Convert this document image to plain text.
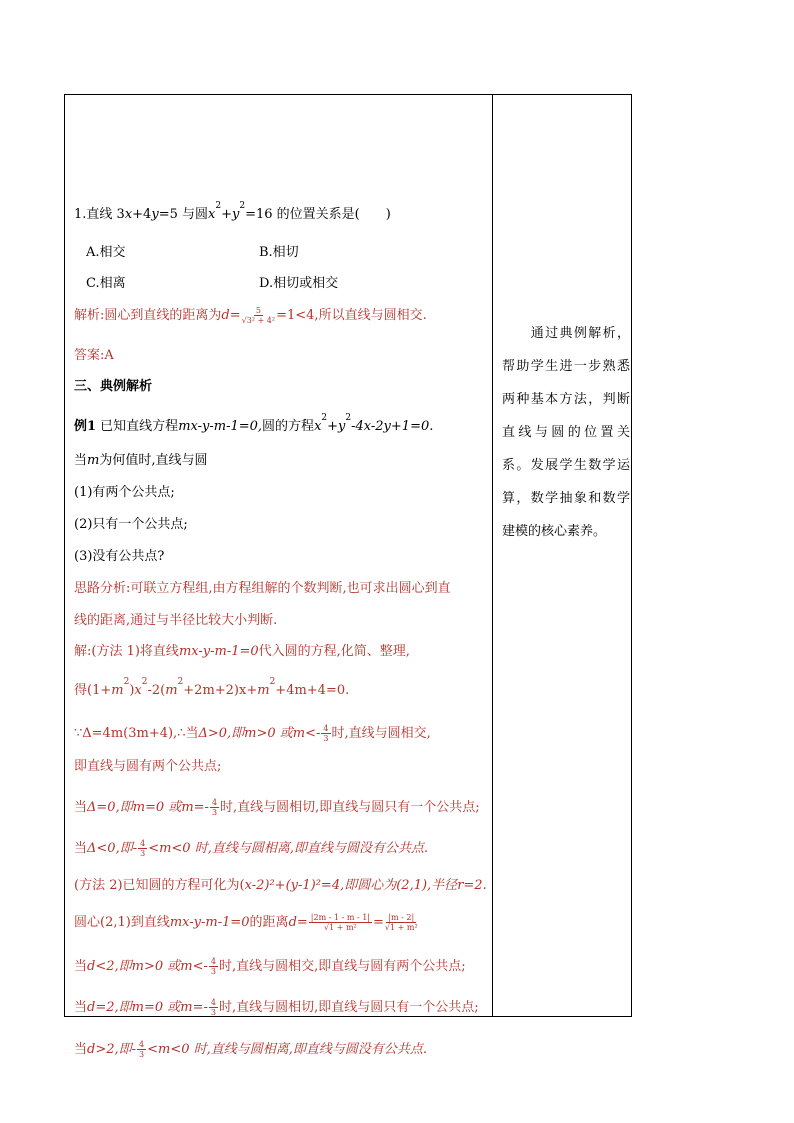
1.直线 3x+4y=5 与圆$x^2+y^2=16$ 的位置关系是(　　)
A.相交	B.相切
C.相离	D.相切或相交
解析:圆心到直线的距离为$d= \frac{5}{\text{√3² + 4²}} =1<4$,所以直线与圆相交.
答案:A
三、典例解析
例1 已知直线方程mx-y-m-1=0,圆的方程$x^2+y^2-4x-2y+1=0$.
当m为何值时,直线与圆
(1)有两个公共点;
(2)只有一个公共点;
(3)没有公共点?
思路分析:可联立方程组,由方程组解的个数判断,也可求出圆心到直
线的距离,通过与半径比较大小判断.
解:(方法 1)将直线mx-y-m-1=0代入圆的方程,化简、整理,
得$(1+m^2)x^2-2(m^2+2m+2)x+m^2+4m+4=0$.
∵Δ=4m(3m+4),∴当Δ>0,即m>0 或$m<- \frac{4}{3}$ 时,直线与圆相交,
即直线与圆有两个公共点;
当Δ=0,即m=0 或$m=- \frac{4}{3}$ 时,直线与圆相切,即直线与圆只有一个公共点;
当Δ<0,即- $\frac{4}{3} <m<0$ 时,直线与圆相离,即直线与圆没有公共点.
(方法 2)已知圆的方程可化为(x-2)²+(y-1)²=4,即圆心为(2,1),半径r=2.
圆心(2,1)到直线mx-y-m-1=0的距离$d= \frac{|2m - 1 - m - 1|}{\text{√1 + m²}} = \frac{|m - 2|}{\text{√1 + m²}}$
当d<2,即m>0 或$m<- \frac{4}{3}$ 时,直线与圆相交,即直线与圆有两个公共点;
当d=2,即m=0 或$m=- \frac{4}{3}$ 时,直线与圆相切,即直线与圆只有一个公共点;
当d>2,即- $\frac{4}{3} <m<0$ 时,直线与圆相离,即直线与圆没有公共点.
　　通过典例解析，帮助学生进一步熟悉两种基本方法，判断直线与圆的位置关系。发展学生数学运算，数学抽象和数学建模的核心素养。
